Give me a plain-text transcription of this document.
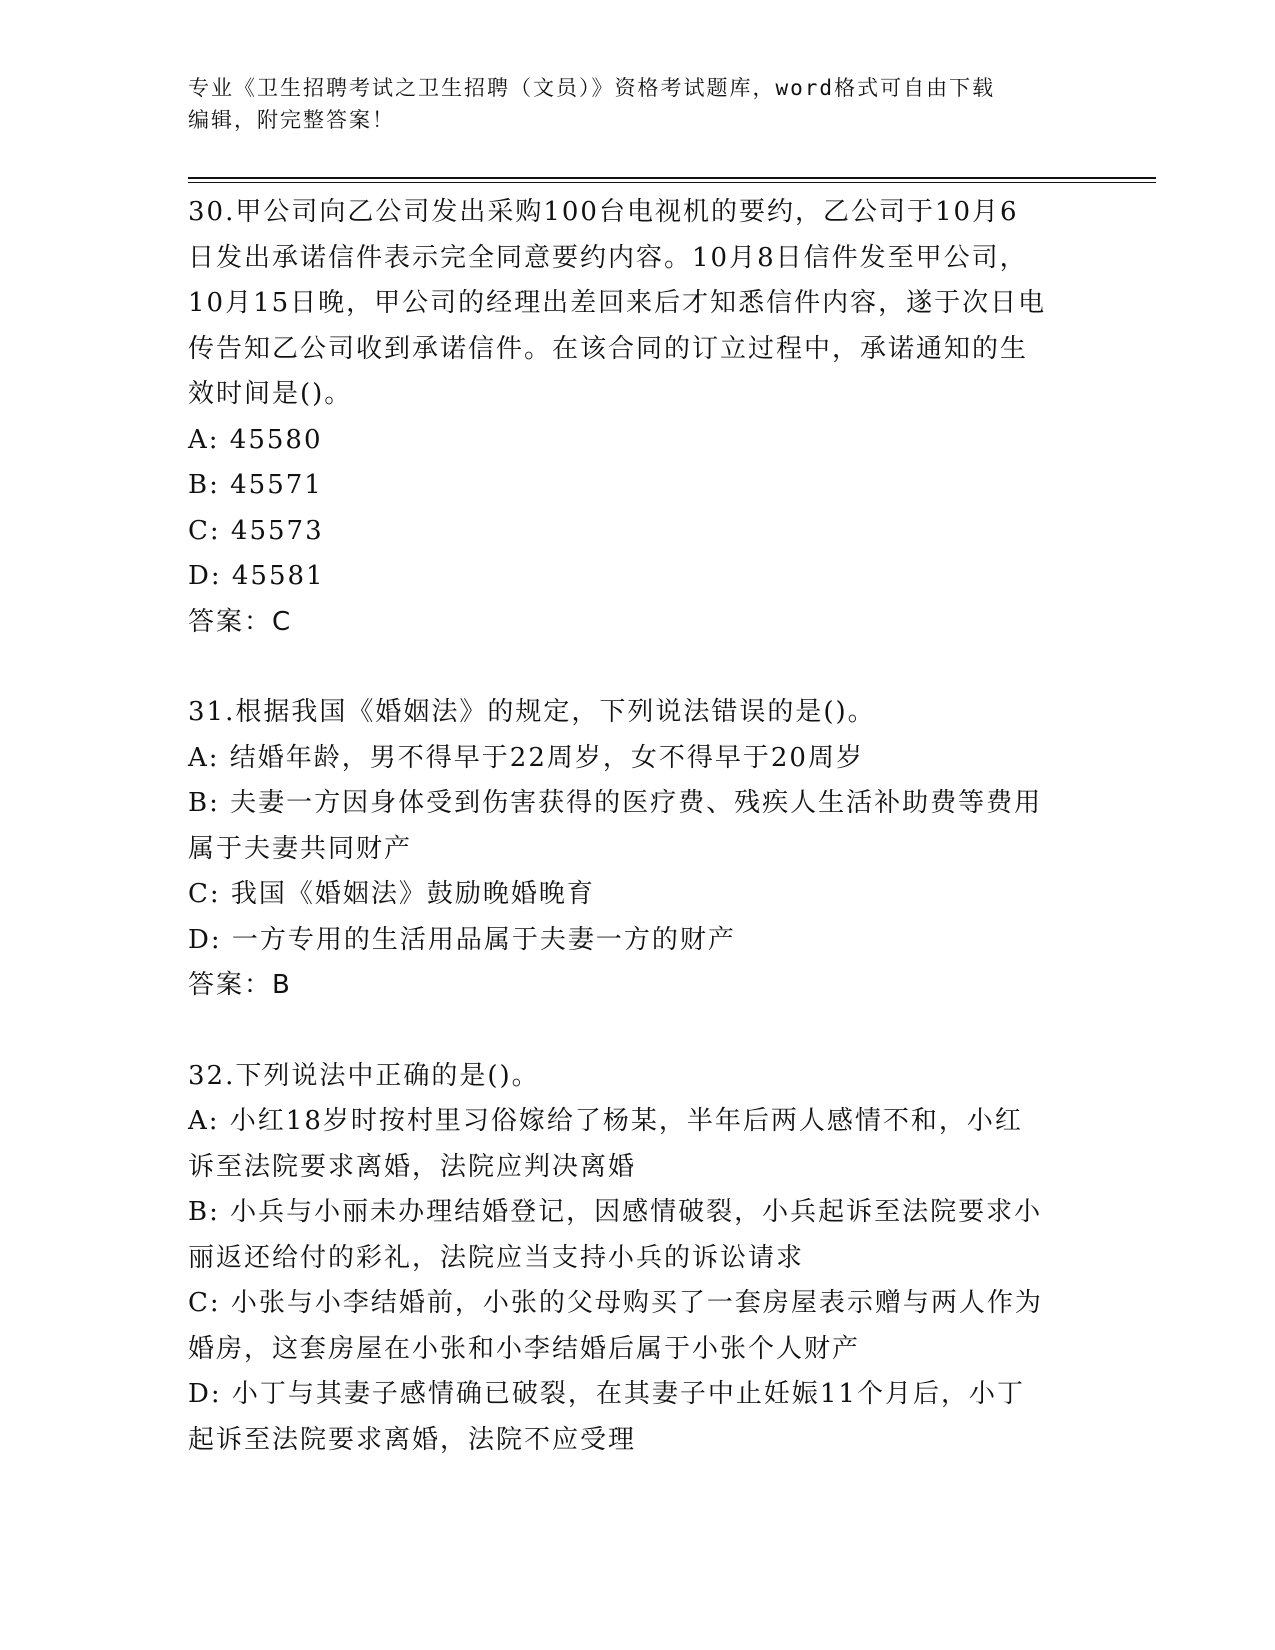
专业《卫生招聘考试之卫生招聘（文员）》资格考试题库，word格式可自由下载
编辑，附完整答案！
30.甲公司向乙公司发出采购100台电视机的要约，乙公司于10月6
日发出承诺信件表示完全同意要约内容。10月8日信件发至甲公司，
10月15日晚，甲公司的经理出差回来后才知悉信件内容，遂于次日电
传告知乙公司收到承诺信件。在该合同的订立过程中，承诺通知的生
效时间是()。
A: 45580
B: 45571
C: 45573
D: 45581
答案：C
31.根据我国《婚姻法》的规定，下列说法错误的是()。
A: 结婚年龄，男不得早于22周岁，女不得早于20周岁
B: 夫妻一方因身体受到伤害获得的医疗费、残疾人生活补助费等费用
属于夫妻共同财产
C: 我国《婚姻法》鼓励晚婚晚育
D: 一方专用的生活用品属于夫妻一方的财产
答案：B
32.下列说法中正确的是()。
A: 小红18岁时按村里习俗嫁给了杨某，半年后两人感情不和，小红
诉至法院要求离婚，法院应判决离婚
B: 小兵与小丽未办理结婚登记，因感情破裂，小兵起诉至法院要求小
丽返还给付的彩礼，法院应当支持小兵的诉讼请求
C: 小张与小李结婚前，小张的父母购买了一套房屋表示赠与两人作为
婚房，这套房屋在小张和小李结婚后属于小张个人财产
D: 小丁与其妻子感情确已破裂，在其妻子中止妊娠11个月后，小丁
起诉至法院要求离婚，法院不应受理
